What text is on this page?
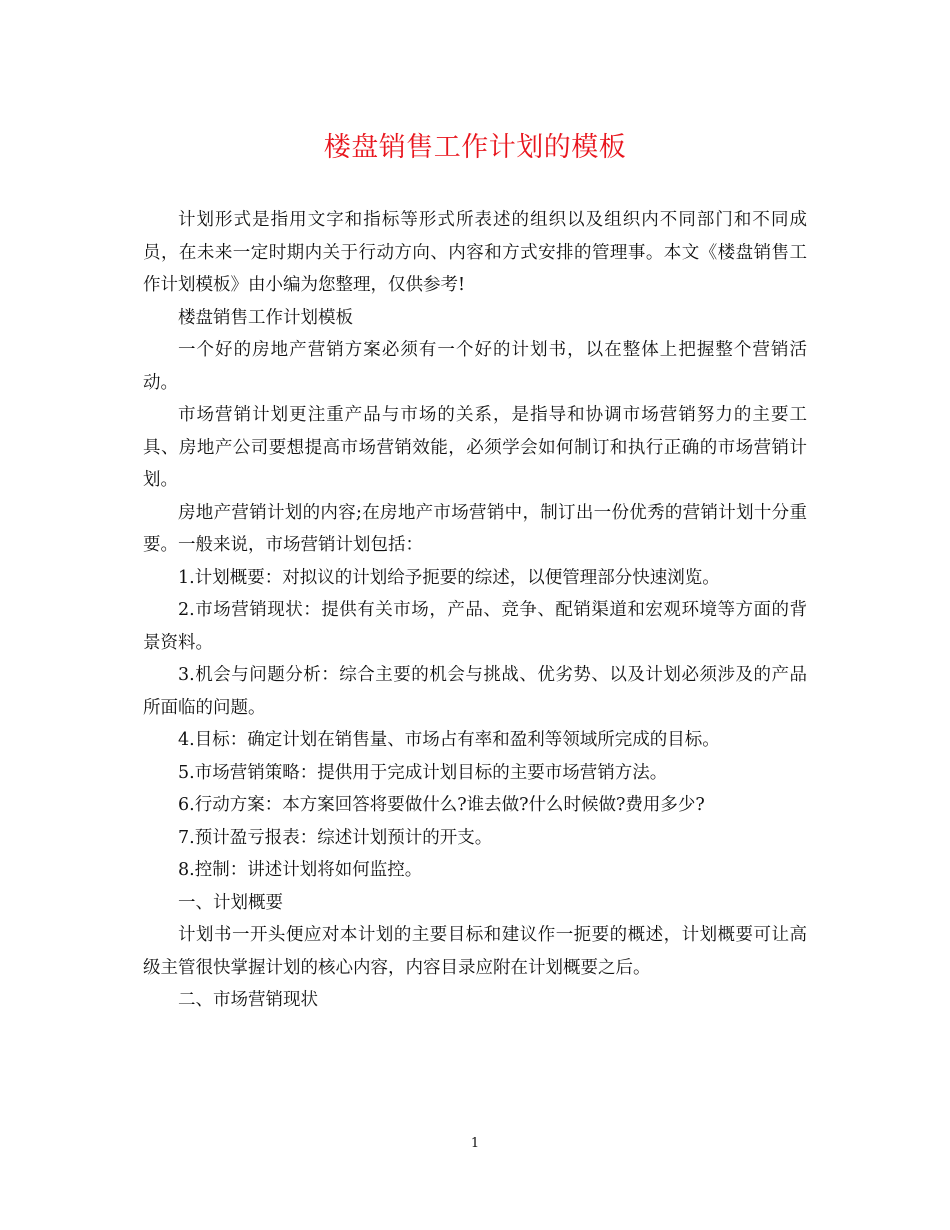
楼盘销售工作计划的模板

计划形式是指用文字和指标等形式所表述的组织以及组织内不同部门和不同成员，在未来一定时期内关于行动方向、内容和方式安排的管理事。本文《楼盘销售工作计划模板》由小编为您整理，仅供参考!

楼盘销售工作计划模板

一个好的房地产营销方案必须有一个好的计划书，以在整体上把握整个营销活动。

市场营销计划更注重产品与市场的关系，是指导和协调市场营销努力的主要工具、房地产公司要想提高市场营销效能，必须学会如何制订和执行正确的市场营销计划。

房地产营销计划的内容;在房地产市场营销中，制订出一份优秀的营销计划十分重要。一般来说，市场营销计划包括：

1.计划概要：对拟议的计划给予扼要的综述，以便管理部分快速浏览。

2.市场营销现状：提供有关市场，产品、竞争、配销渠道和宏观环境等方面的背景资料。

3.机会与问题分析：综合主要的机会与挑战、优劣势、以及计划必须涉及的产品所面临的问题。

4.目标：确定计划在销售量、市场占有率和盈利等领域所完成的目标。

5.市场营销策略：提供用于完成计划目标的主要市场营销方法。

6.行动方案：本方案回答将要做什么?谁去做?什么时候做?费用多少?

7.预计盈亏报表：综述计划预计的开支。

8.控制：讲述计划将如何监控。

一、计划概要

计划书一开头便应对本计划的主要目标和建议作一扼要的概述，计划概要可让高级主管很快掌握计划的核心内容，内容目录应附在计划概要之后。

二、市场营销现状

1
